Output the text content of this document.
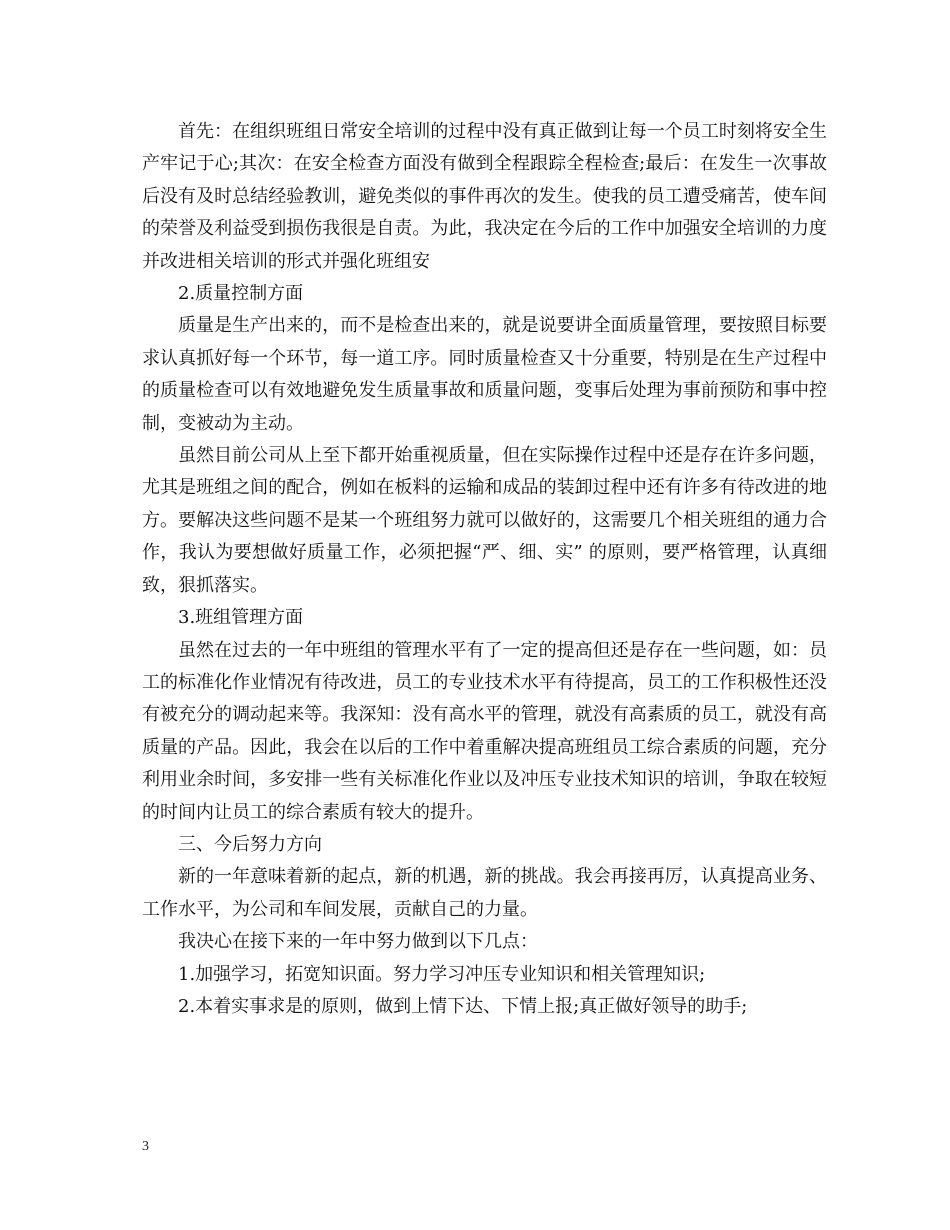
首先：在组织班组日常安全培训的过程中没有真正做到让每一个员工时刻将安全生产牢记于心;其次：在安全检查方面没有做到全程跟踪全程检查;最后：在发生一次事故后没有及时总结经验教训，避免类似的事件再次的发生。使我的员工遭受痛苦，使车间的荣誉及利益受到损伤我很是自责。为此，我决定在今后的工作中加强安全培训的力度并改进相关培训的形式并强化班组安

2.质量控制方面

质量是生产出来的，而不是检查出来的，就是说要讲全面质量管理，要按照目标要求认真抓好每一个环节，每一道工序。同时质量检查又十分重要，特别是在生产过程中的质量检查可以有效地避免发生质量事故和质量问题，变事后处理为事前预防和事中控制，变被动为主动。

虽然目前公司从上至下都开始重视质量，但在实际操作过程中还是存在许多问题，尤其是班组之间的配合，例如在板料的运输和成品的装卸过程中还有许多有待改进的地方。要解决这些问题不是某一个班组努力就可以做好的，这需要几个相关班组的通力合作，我认为要想做好质量工作，必须把握“严、细、实” 的原则，要严格管理，认真细致，狠抓落实。

3.班组管理方面

虽然在过去的一年中班组的管理水平有了一定的提高但还是存在一些问题，如：员工的标准化作业情况有待改进，员工的专业技术水平有待提高，员工的工作积极性还没有被充分的调动起来等。我深知：没有高水平的管理，就没有高素质的员工，就没有高质量的产品。因此，我会在以后的工作中着重解决提高班组员工综合素质的问题，充分利用业余时间，多安排一些有关标准化作业以及冲压专业技术知识的培训，争取在较短的时间内让员工的综合素质有较大的提升。

三、今后努力方向

新的一年意味着新的起点，新的机遇，新的挑战。我会再接再厉，认真提高业务、工作水平，为公司和车间发展，贡献自己的力量。

我决心在接下来的一年中努力做到以下几点：

1.加强学习，拓宽知识面。努力学习冲压专业知识和相关管理知识;

2.本着实事求是的原则，做到上情下达、下情上报;真正做好领导的助手;

3
